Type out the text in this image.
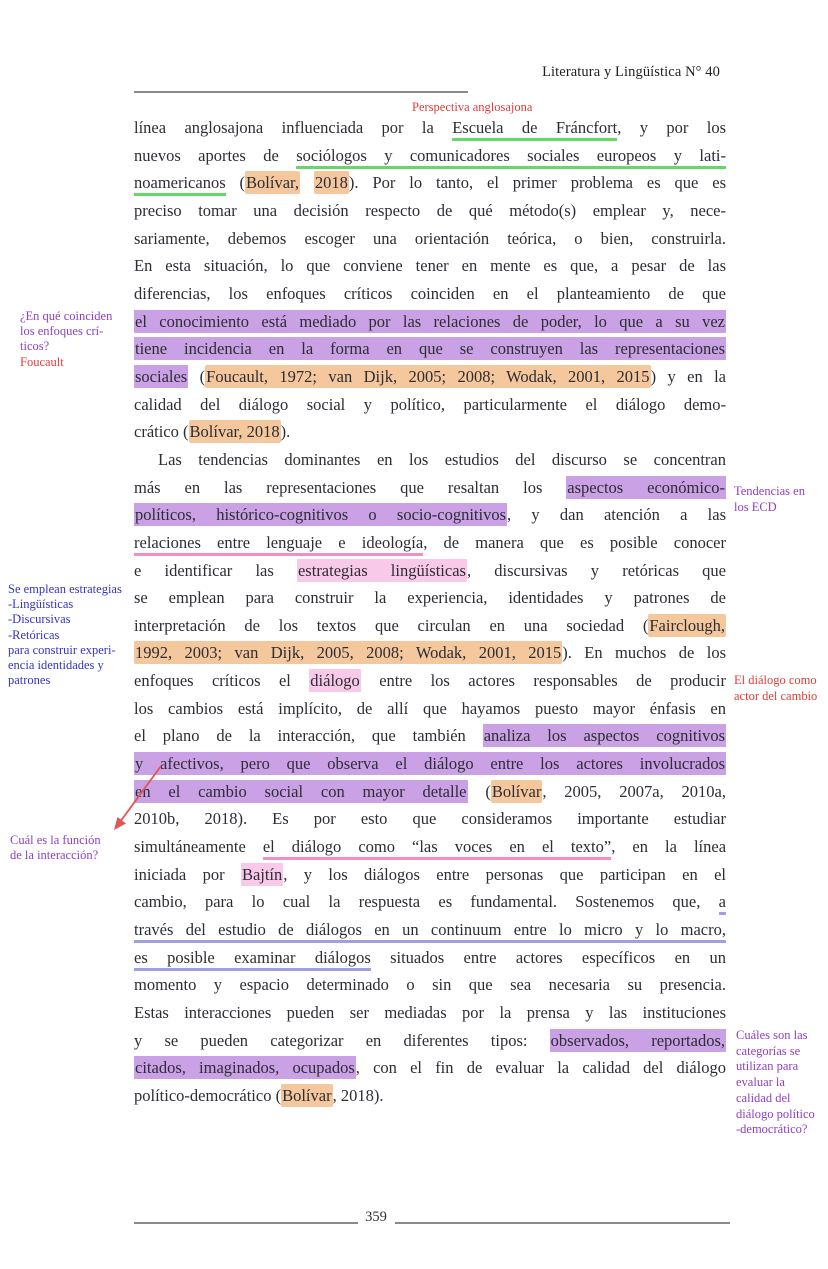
Literatura y Lingüística N° 40
Perspectiva anglosajona
línea anglosajona influenciada por la Escuela de Fráncfort, y por los
nuevos aportes de sociólogos y comunicadores sociales europeos y lati-
noamericanos (Bolívar, 2018). Por lo tanto, el primer problema es que es
preciso tomar una decisión respecto de qué método(s) emplear y, nece-
sariamente, debemos escoger una orientación teórica, o bien, construirla.
En esta situación, lo que conviene tener en mente es que, a pesar de las
diferencias, los enfoques críticos coinciden en el planteamiento de que
el conocimiento está mediado por las relaciones de poder, lo que a su vez
tiene incidencia en la forma en que se construyen las representaciones
sociales (Foucault, 1972; van Dijk, 2005; 2008; Wodak, 2001, 2015) y en la
calidad del diálogo social y político, particularmente el diálogo demo-
crático (Bolívar, 2018).
Las tendencias dominantes en los estudios del discurso se concentran
más en las representaciones que resaltan los aspectos económico-
políticos, histórico-cognitivos o socio-cognitivos, y dan atención a las
relaciones entre lenguaje e ideología, de manera que es posible conocer
e identificar las estrategias lingüísticas, discursivas y retóricas que
se emplean para construir la experiencia, identidades y patrones de
interpretación de los textos que circulan en una sociedad (Fairclough,
1992, 2003; van Dijk, 2005, 2008; Wodak, 2001, 2015). En muchos de los
enfoques críticos el diálogo entre los actores responsables de producir
los cambios está implícito, de allí que hayamos puesto mayor énfasis en
el plano de la interacción, que también analiza los aspectos cognitivos
y afectivos, pero que observa el diálogo entre los actores involucrados
en el cambio social con mayor detalle (Bolívar, 2005, 2007a, 2010a,
2010b, 2018). Es por esto que consideramos importante estudiar
simultáneamente el diálogo como “las voces en el texto”, en la línea
iniciada por Bajtín, y los diálogos entre personas que participan en el
cambio, para lo cual la respuesta es fundamental. Sostenemos que, a
través del estudio de diálogos en un continuum entre lo micro y lo macro,
es posible examinar diálogos situados entre actores específicos en un
momento y espacio determinado o sin que sea necesaria su presencia.
Estas interacciones pueden ser mediadas por la prensa y las instituciones
y se pueden categorizar en diferentes tipos: observados, reportados,
citados, imaginados, ocupados, con el fin de evaluar la calidad del diálogo
político-democrático (Bolívar, 2018).
359
¿En qué coinciden
los enfoques crí-
ticos?
Foucault
Se emplean estrategias
-Lingüísticas
-Discursivas
-Retóricas
para construir experi-
encia identidades y
patrones
Cuál es la función
de la interacción?
Tendencias en
los ECD
El diálogo como
actor del cambio
Cuáles son las
categorías se
utilizan para
evaluar la
calidad del
diálogo político
-democrático?
